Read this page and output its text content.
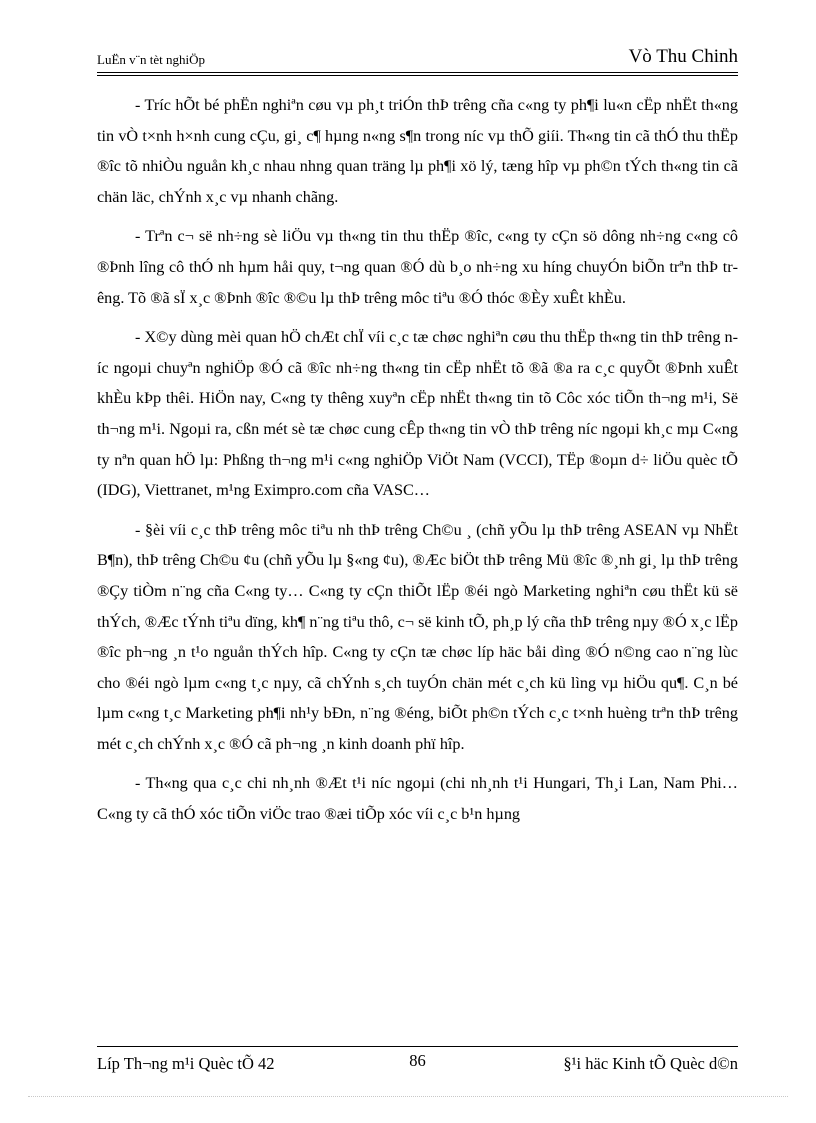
LuËn v¨n tèt nghiÖp	Vò Thu Chinh

- Tríc hÕt bé phËn nghiªn cøu vµ ph¸t triÓn thÞ trêng cña c«ng ty ph¶i lu«n cËp nhËt th«ng tin vÒ t×nh h×nh cung cÇu, gi¸ c¶ hµng n«ng s¶n trong níc vµ thÕ giíi. Th«ng tin cã thÓ thu thËp ®îc tõ nhiÒu nguån kh¸c nhau nhng quan träng lµ ph¶i xö lý, tæng hîp vµ ph©n tÝch th«ng tin cã chän läc, chÝnh x¸c vµ nhanh chãng.

- Trªn c¬ së nh÷ng sè liÖu vµ th«ng tin thu thËp ®îc, c«ng ty cÇn sö dông nh÷ng c«ng cô ®Þnh lîng cô thÓ nh hµm håi quy, t¬ng quan ®Ó dù b¸o nh÷ng xu híng chuyÓn biÕn trªn thÞ trêng. Tõ ®ã sÏ x¸c ®Þnh ®îc ®©u lµ thÞ trêng môc tiªu ®Ó thóc ®Èy xuÊt khÈu.

- X©y dùng mèi quan hÖ chÆt chÏ víi c¸c tæ chøc nghiªn cøu thu thËp th«ng tin thÞ trêng níc ngoµi chuyªn nghiÖp ®Ó cã ®îc nh÷ng th«ng tin cËp nhËt tõ ®ã ®a ra c¸c quyÕt ®Þnh xuÊt khÈu kÞp thêi. HiÖn nay, C«ng ty thêng xuyªn cËp nhËt th«ng tin tõ Côc xóc tiÕn th¬ng m¹i, Së th¬ng m¹i. Ngoµi ra, cßn mét sè tæ chøc cung cÊp th«ng tin vÒ thÞ trêng níc ngoµi kh¸c mµ C«ng ty nªn quan hÖ lµ: Phßng th¬ng m¹i c«ng nghiÖp ViÖt Nam (VCCI), TËp ®oµn d÷ liÖu quèc tÕ (IDG), Viettranet, m¹ng Eximpro.com cña VASC…

- §èi víi c¸c thÞ trêng môc tiªu nh thÞ trêng Ch©u ¸ (chñ yÕu lµ thÞ trêng ASEAN vµ NhËt B¶n), thÞ trêng Ch©u ¢u (chñ yÕu lµ §«ng ¢u), ®Æc biÖt thÞ trêng Mü ®îc ®¸nh gi¸ lµ thÞ trêng ®Çy tiÒm n¨ng cña C«ng ty… C«ng ty cÇn thiÕt lËp ®éi ngò Marketing nghiªn cøu thËt kü së thÝch, ®Æc tÝnh tiªu dïng, kh¶ n¨ng tiªu thô, c¬ së kinh tÕ, ph¸p lý cña thÞ trêng nµy ®Ó x¸c lËp ®îc ph¬ng ¸n t¹o nguån thÝch hîp. C«ng ty cÇn tæ chøc líp häc båi dìng ®Ó n©ng cao n¨ng lùc cho ®éi ngò lµm c«ng t¸c nµy, cã chÝnh s¸ch tuyÓn chän mét c¸ch kü lìng vµ hiÖu qu¶. C¸n bé lµm c«ng t¸c Marketing ph¶i nh¹y bÐn, n¨ng ®éng, biÕt ph©n tÝch c¸c t×nh huèng trªn thÞ trêng mét c¸ch chÝnh x¸c ®Ó cã ph¬ng ¸n kinh doanh phï hîp.

- Th«ng qua c¸c chi nh¸nh ®Æt t¹i níc ngoµi (chi nh¸nh t¹i Hungari, Th¸i Lan, Nam Phi… C«ng ty cã thÓ xóc tiÕn viÖc trao ®æi tiÕp xóc víi c¸c b¹n hµng

Líp Th¬ng m¹i Quèc tÕ 42	86	§¹i häc Kinh tÕ Quèc d©n
